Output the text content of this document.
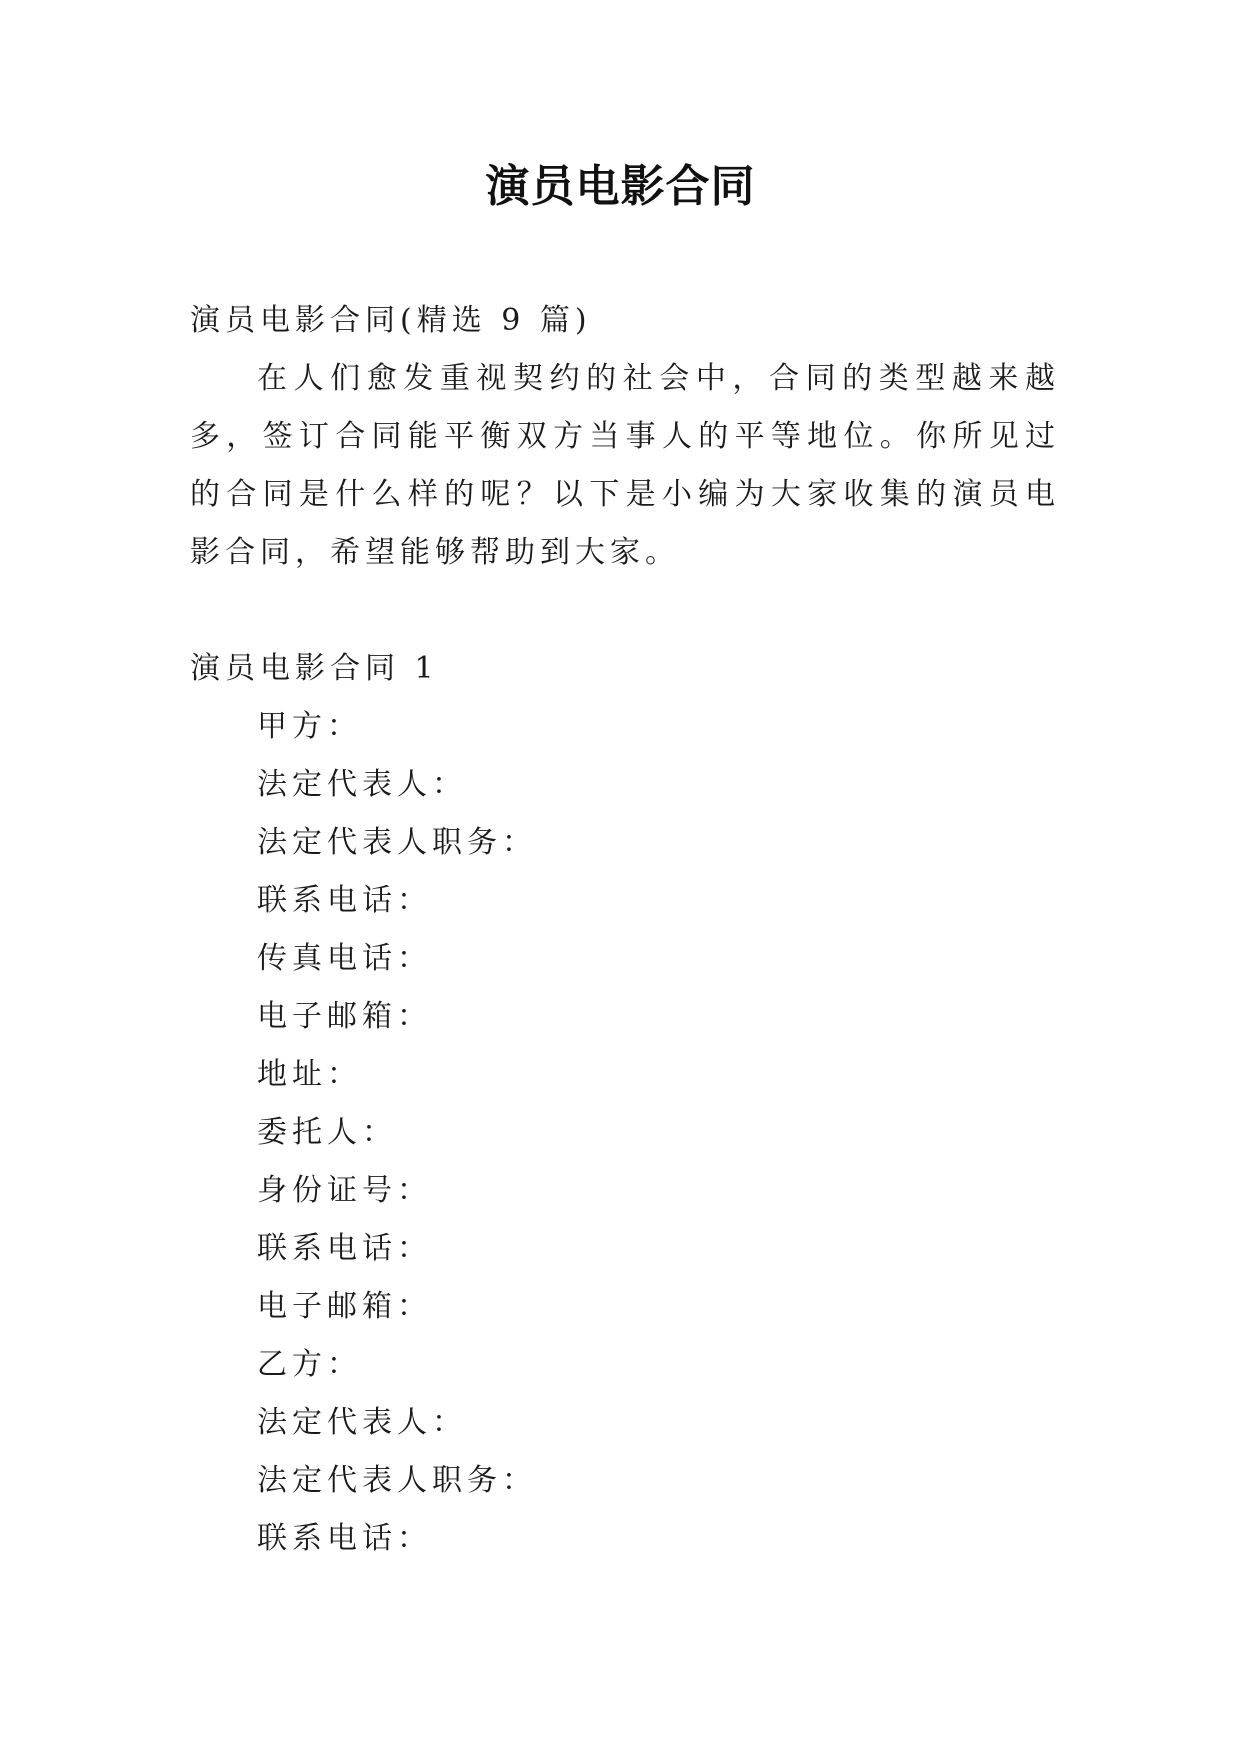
演员电影合同

演员电影合同(精选 9 篇)

在人们愈发重视契约的社会中，合同的类型越来越多，签订合同能平衡双方当事人的平等地位。你所见过的合同是什么样的呢？以下是小编为大家收集的演员电影合同，希望能够帮助到大家。

演员电影合同 1

甲方：

法定代表人：

法定代表人职务：

联系电话：

传真电话：

电子邮箱：

地址：

委托人：

身份证号：

联系电话：

电子邮箱：

乙方：

法定代表人：

法定代表人职务：

联系电话：
